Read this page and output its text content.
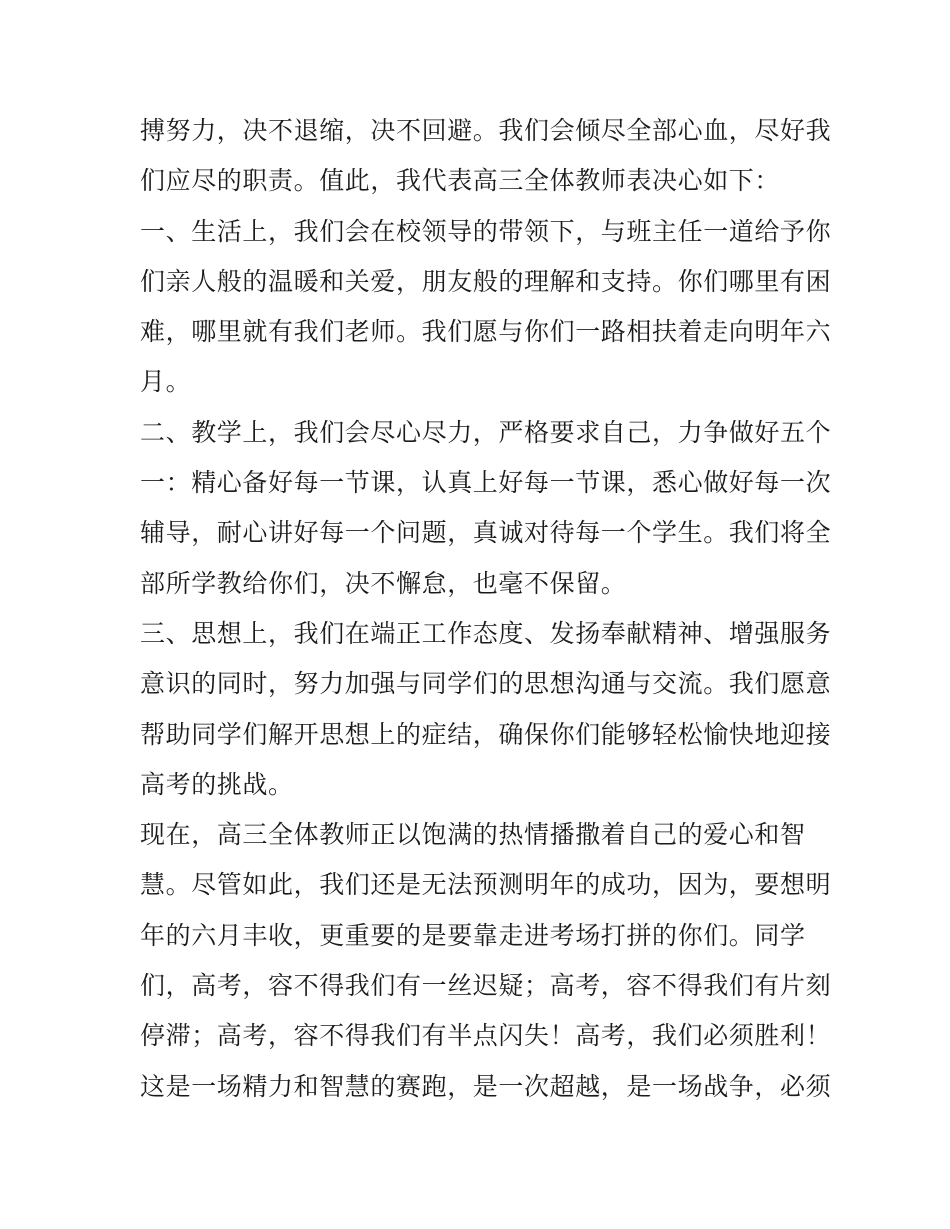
搏努力，决不退缩，决不回避。我们会倾尽全部心血，尽好我
们应尽的职责。值此，我代表高三全体教师表决心如下：
一、生活上，我们会在校领导的带领下，与班主任一道给予你
们亲人般的温暖和关爱，朋友般的理解和支持。你们哪里有困
难，哪里就有我们老师。我们愿与你们一路相扶着走向明年六
月。
二、教学上，我们会尽心尽力，严格要求自己，力争做好五个
一：精心备好每一节课，认真上好每一节课，悉心做好每一次
辅导，耐心讲好每一个问题，真诚对待每一个学生。我们将全
部所学教给你们，决不懈怠，也毫不保留。
三、思想上，我们在端正工作态度、发扬奉献精神、增强服务
意识的同时，努力加强与同学们的思想沟通与交流。我们愿意
帮助同学们解开思想上的症结，确保你们能够轻松愉快地迎接
高考的挑战。
现在，高三全体教师正以饱满的热情播撒着自己的爱心和智
慧。尽管如此，我们还是无法预测明年的成功，因为，要想明
年的六月丰收，更重要的是要靠走进考场打拼的你们。同学
们，高考，容不得我们有一丝迟疑；高考，容不得我们有片刻
停滞；高考，容不得我们有半点闪失！高考，我们必须胜利！
这是一场精力和智慧的赛跑，是一次超越，是一场战争，必须
